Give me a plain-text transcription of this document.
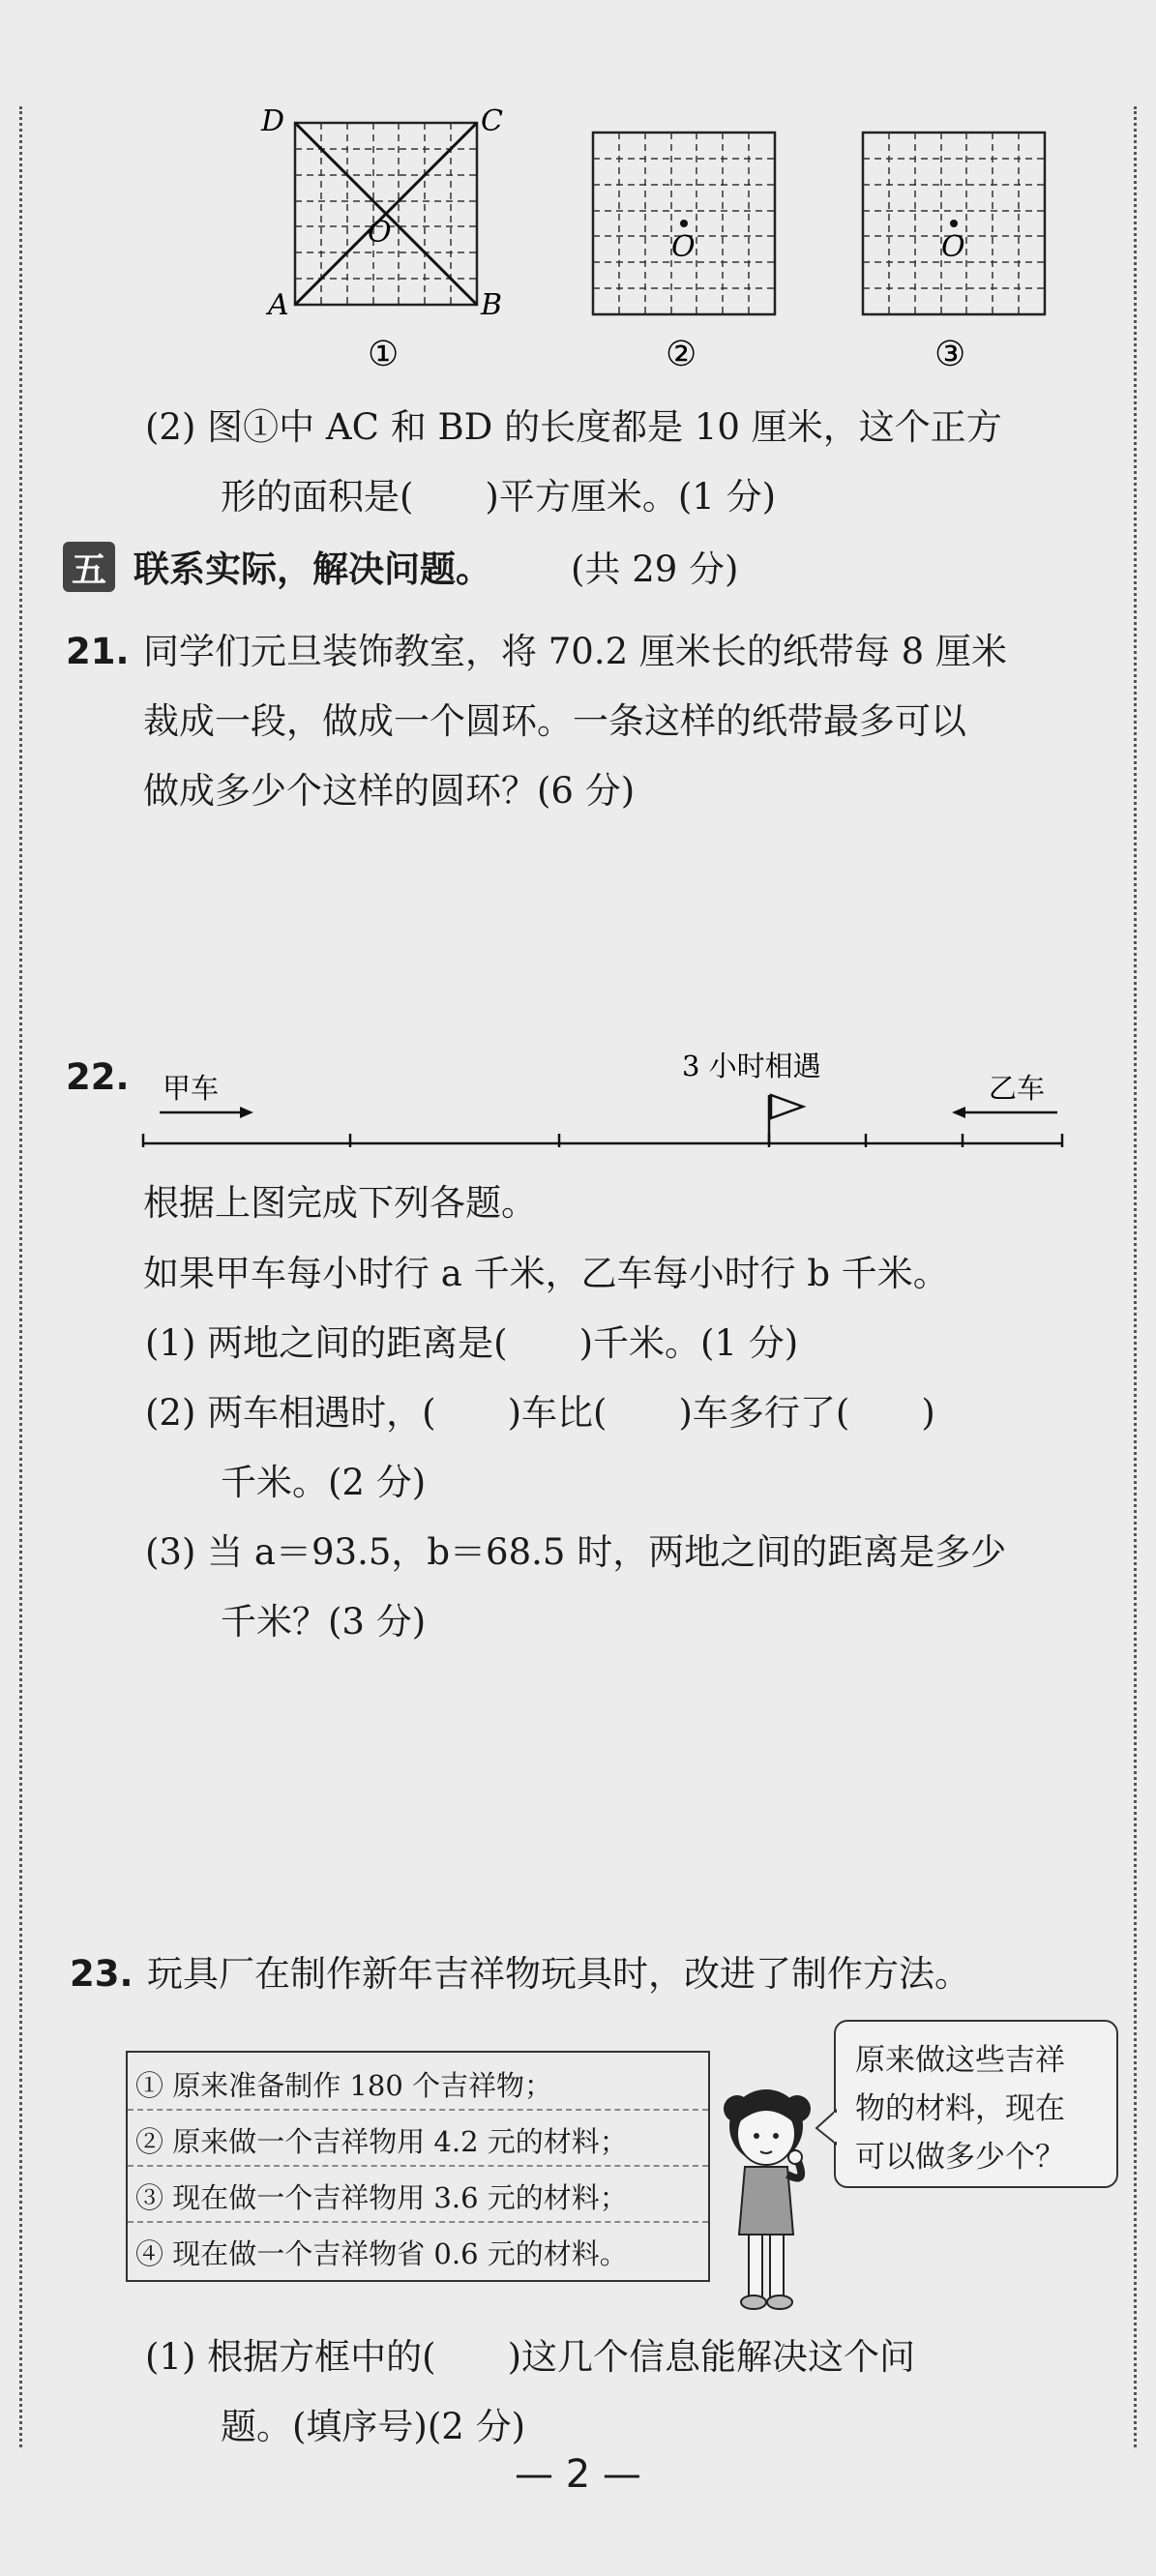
D	C
A	B
O
①
O
②
O
③
(2) 图①中 AC 和 BD 的长度都是 10 厘米，这个正方
形的面积是(　　)平方厘米。(1 分)
五 联系实际，解决问题。 (共 29 分)
21. 同学们元旦装饰教室，将 70.2 厘米长的纸带每 8 厘米
裁成一段，做成一个圆环。一条这样的纸带最多可以
做成多少个这样的圆环？(6 分)
22. 甲车	乙车
3 小时相遇
根据上图完成下列各题。
如果甲车每小时行 a 千米，乙车每小时行 b 千米。
(1) 两地之间的距离是(　　)千米。(1 分)
(2) 两车相遇时，(　　)车比(　　)车多行了(　　)
千米。(2 分)
(3) 当 a＝93.5，b＝68.5 时，两地之间的距离是多少
千米？(3 分)
23. 玩具厂在制作新年吉祥物玩具时，改进了制作方法。
① 原来准备制作 180 个吉祥物；
② 原来做一个吉祥物用 4.2 元的材料；
③ 现在做一个吉祥物用 3.6 元的材料；
④ 现在做一个吉祥物省 0.6 元的材料。
原来做这些吉祥
物的材料，现在
可以做多少个？
(1) 根据方框中的(　　)这几个信息能解决这个问
题。(填序号)(2 分)
— 2 —
